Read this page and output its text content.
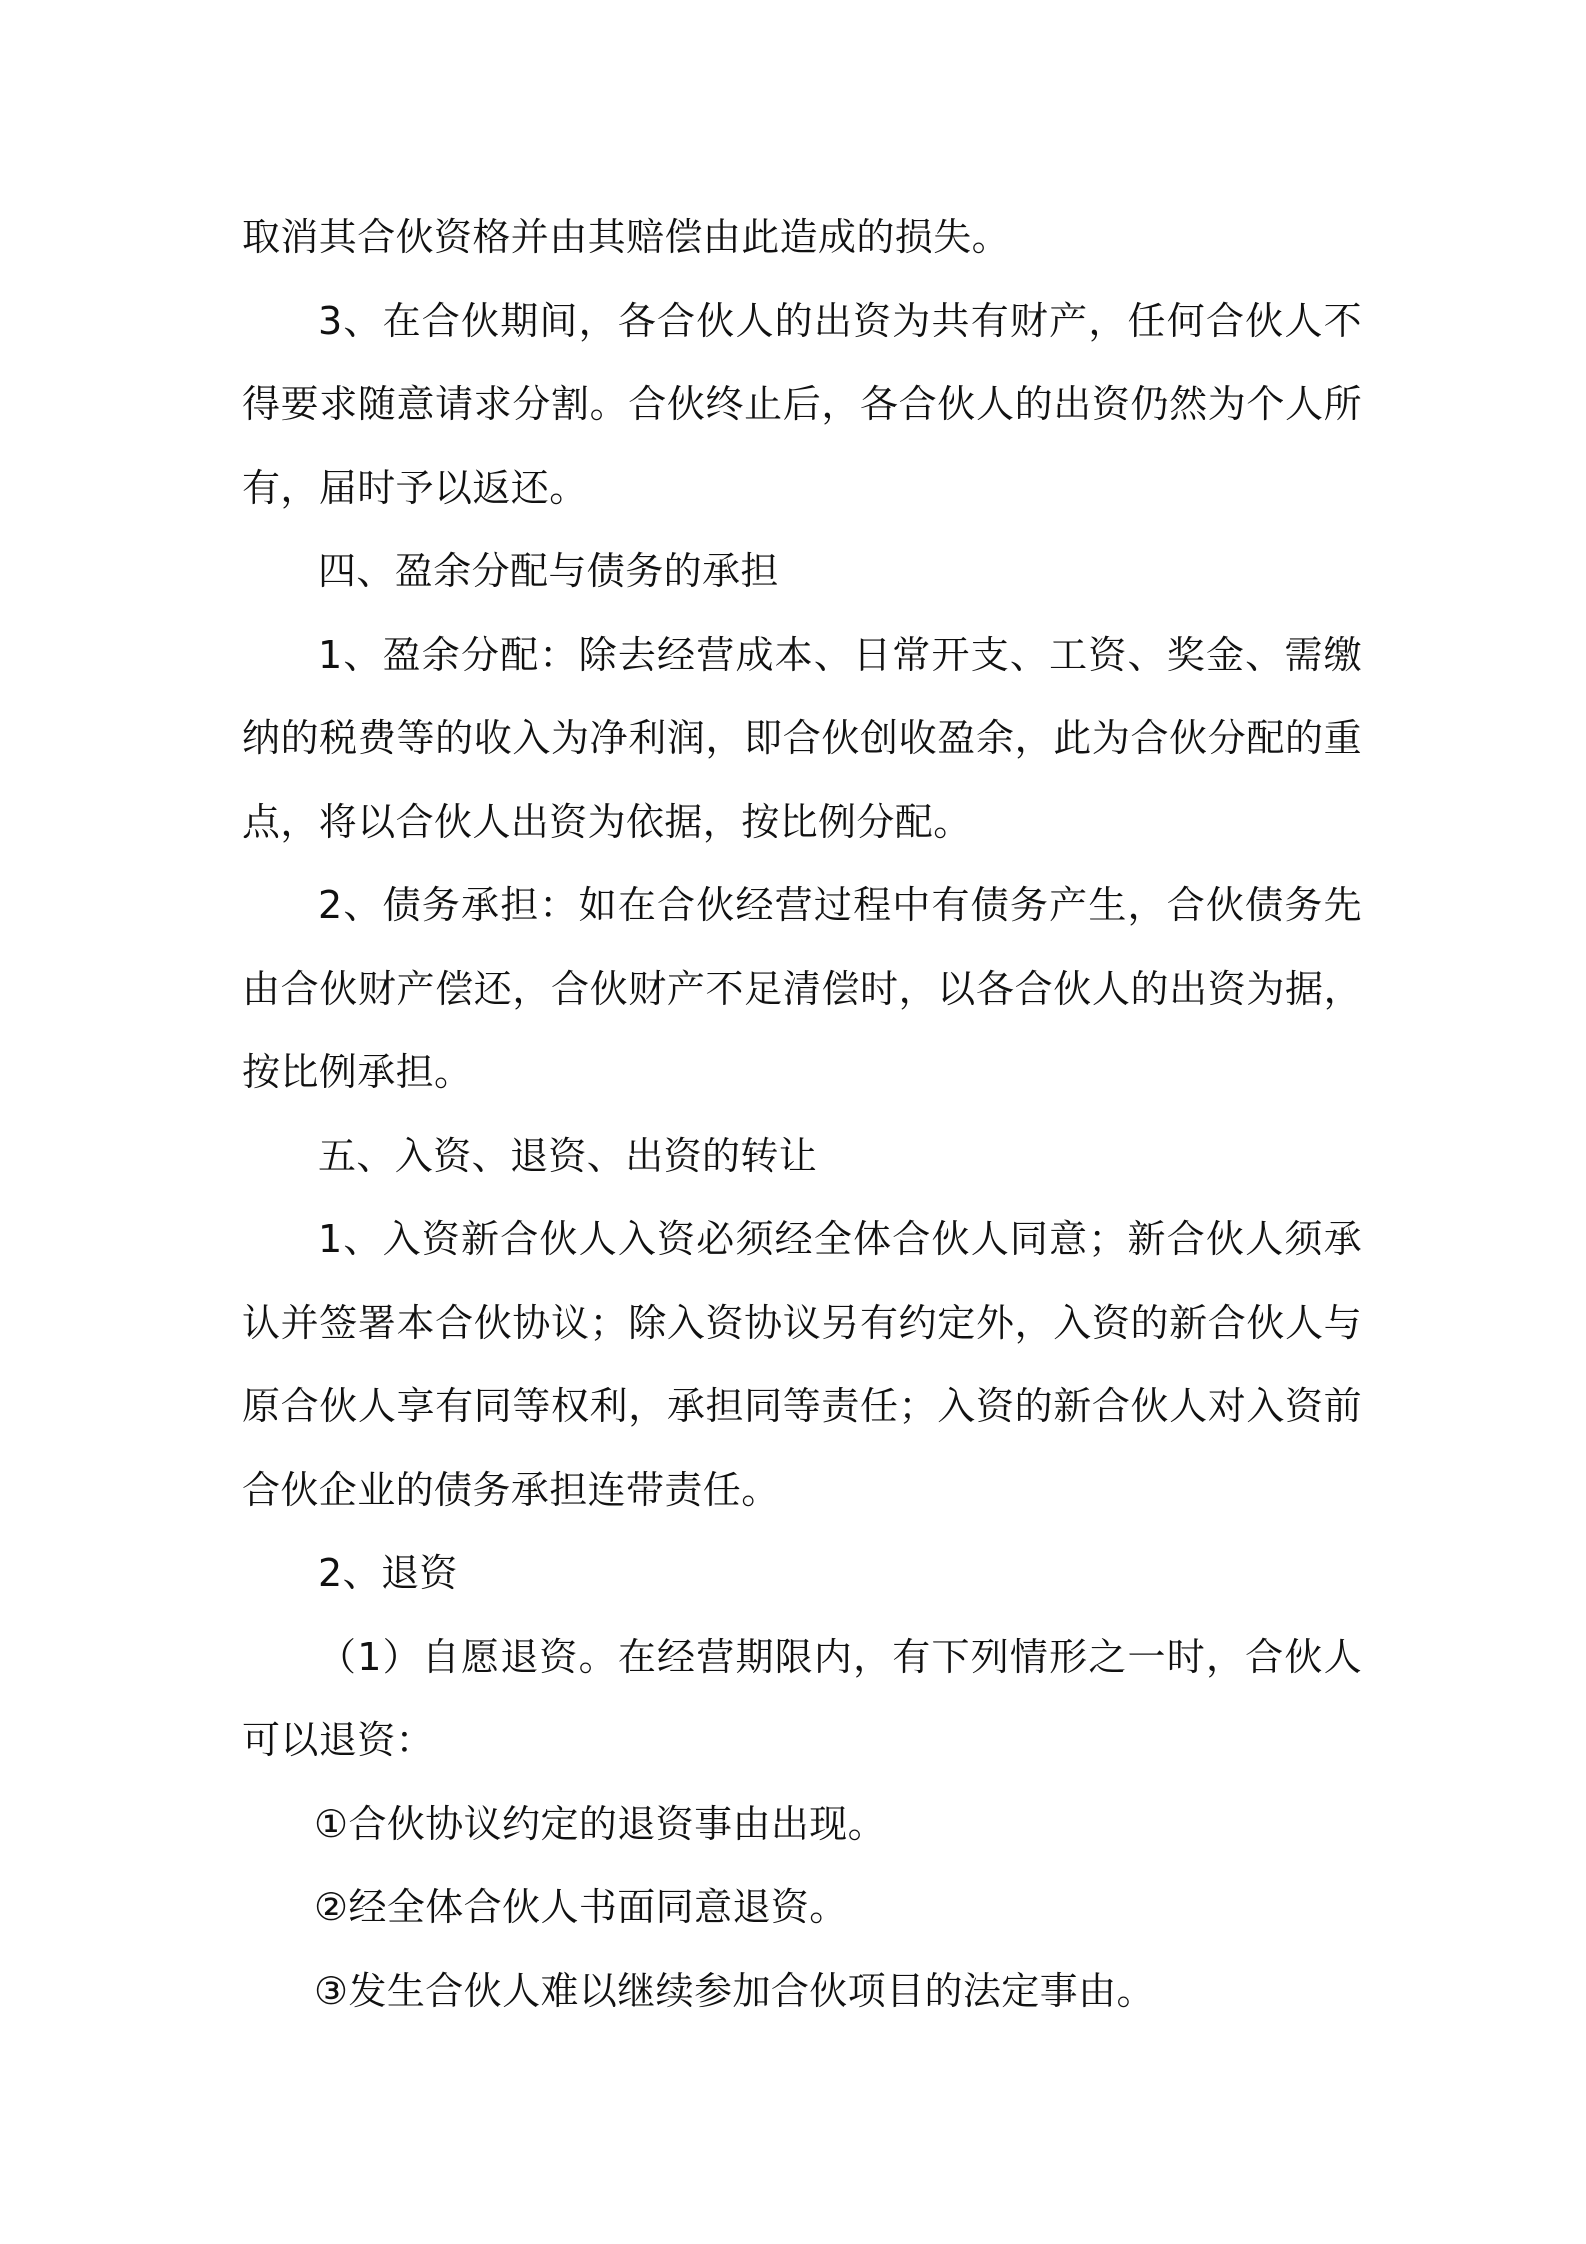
取消其合伙资格并由其赔偿由此造成的损失。

3、在合伙期间，各合伙人的出资为共有财产，任何合伙人不得要求随意请求分割。合伙终止后，各合伙人的出资仍然为个人所有，届时予以返还。

四、盈余分配与债务的承担

1、盈余分配：除去经营成本、日常开支、工资、奖金、需缴纳的税费等的收入为净利润，即合伙创收盈余，此为合伙分配的重点，将以合伙人出资为依据，按比例分配。

2、债务承担：如在合伙经营过程中有债务产生，合伙债务先由合伙财产偿还，合伙财产不足清偿时，以各合伙人的出资为据，按比例承担。

五、入资、退资、出资的转让

1、入资新合伙人入资必须经全体合伙人同意；新合伙人须承认并签署本合伙协议；除入资协议另有约定外，入资的新合伙人与原合伙人享有同等权利，承担同等责任；入资的新合伙人对入资前合伙企业的债务承担连带责任。

2、退资

（1）自愿退资。在经营期限内，有下列情形之一时，合伙人可以退资：

①合伙协议约定的退资事由出现。

②经全体合伙人书面同意退资。

③发生合伙人难以继续参加合伙项目的法定事由。
